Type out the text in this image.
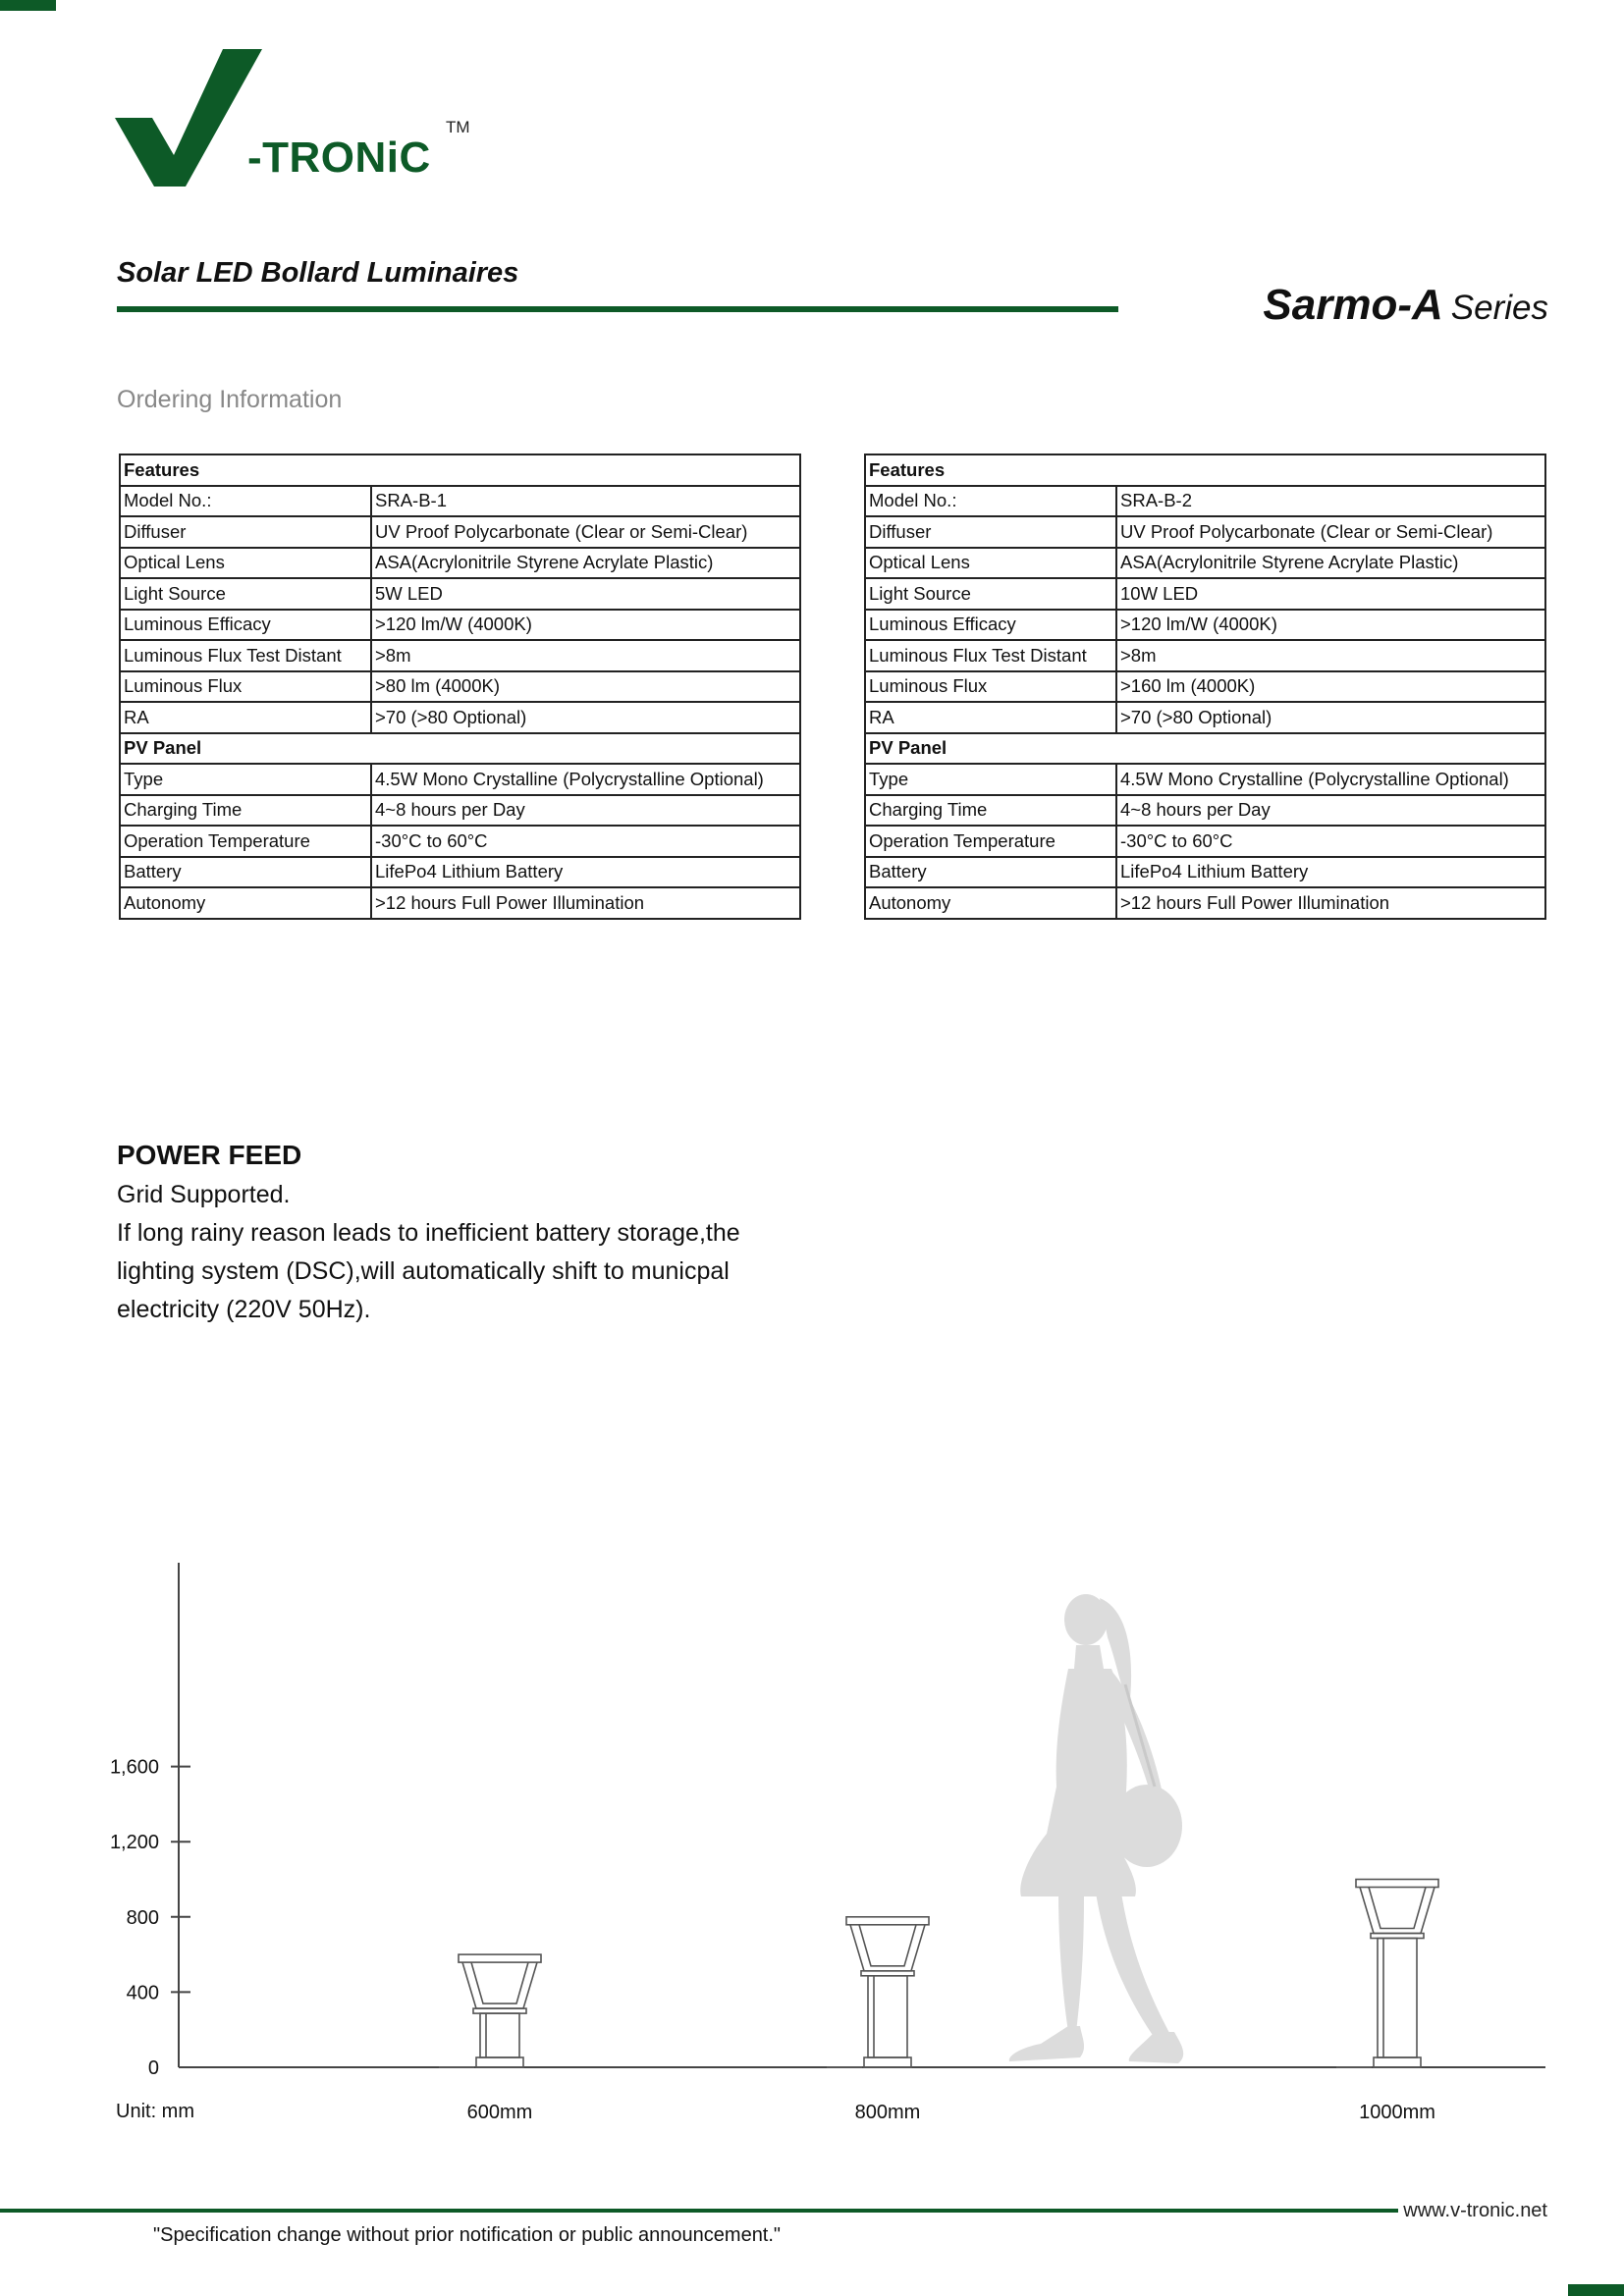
-TRONiC
TM
Solar LED Bollard Luminaires
Sarmo-A Series
Ordering Information
Features	
Model No.:	SRA-B-1
Diffuser	UV Proof Polycarbonate (Clear or Semi-Clear)
Optical Lens	ASA(Acrylonitrile Styrene Acrylate Plastic)
Light Source	5W LED
Luminous Efficacy	>120 lm/W (4000K)
Luminous Flux Test Distant	>8m
Luminous Flux	>80 lm (4000K)
RA	>70 (>80 Optional)
PV Panel	
Type	4.5W Mono Crystalline (Polycrystalline Optional)
Charging Time	4~8 hours per Day
Operation Temperature	-30°C to 60°C
Battery	LifePo4 Lithium Battery
Autonomy	>12 hours Full Power Illumination
Features	
Model No.:	SRA-B-2
Diffuser	UV Proof Polycarbonate (Clear or Semi-Clear)
Optical Lens	ASA(Acrylonitrile Styrene Acrylate Plastic)
Light Source	10W LED
Luminous Efficacy	>120 lm/W (4000K)
Luminous Flux Test Distant	>8m
Luminous Flux	>160 lm (4000K)
RA	>70 (>80 Optional)
PV Panel	
Type	4.5W Mono Crystalline (Polycrystalline Optional)
Charging Time	4~8 hours per Day
Operation Temperature	-30°C to 60°C
Battery	LifePo4 Lithium Battery
Autonomy	>12 hours Full Power Illumination
POWER FEED
Grid Supported.
If long rainy reason leads to inefficient battery storage,the
lighting system (DSC),will automatically shift to municpal
electricity (220V 50Hz).
0
400
800
1,200
1,600
600mm	800mm	1000mm
Unit: mm
www.v-tronic.net
"Specification change without prior notification or public announcement."
